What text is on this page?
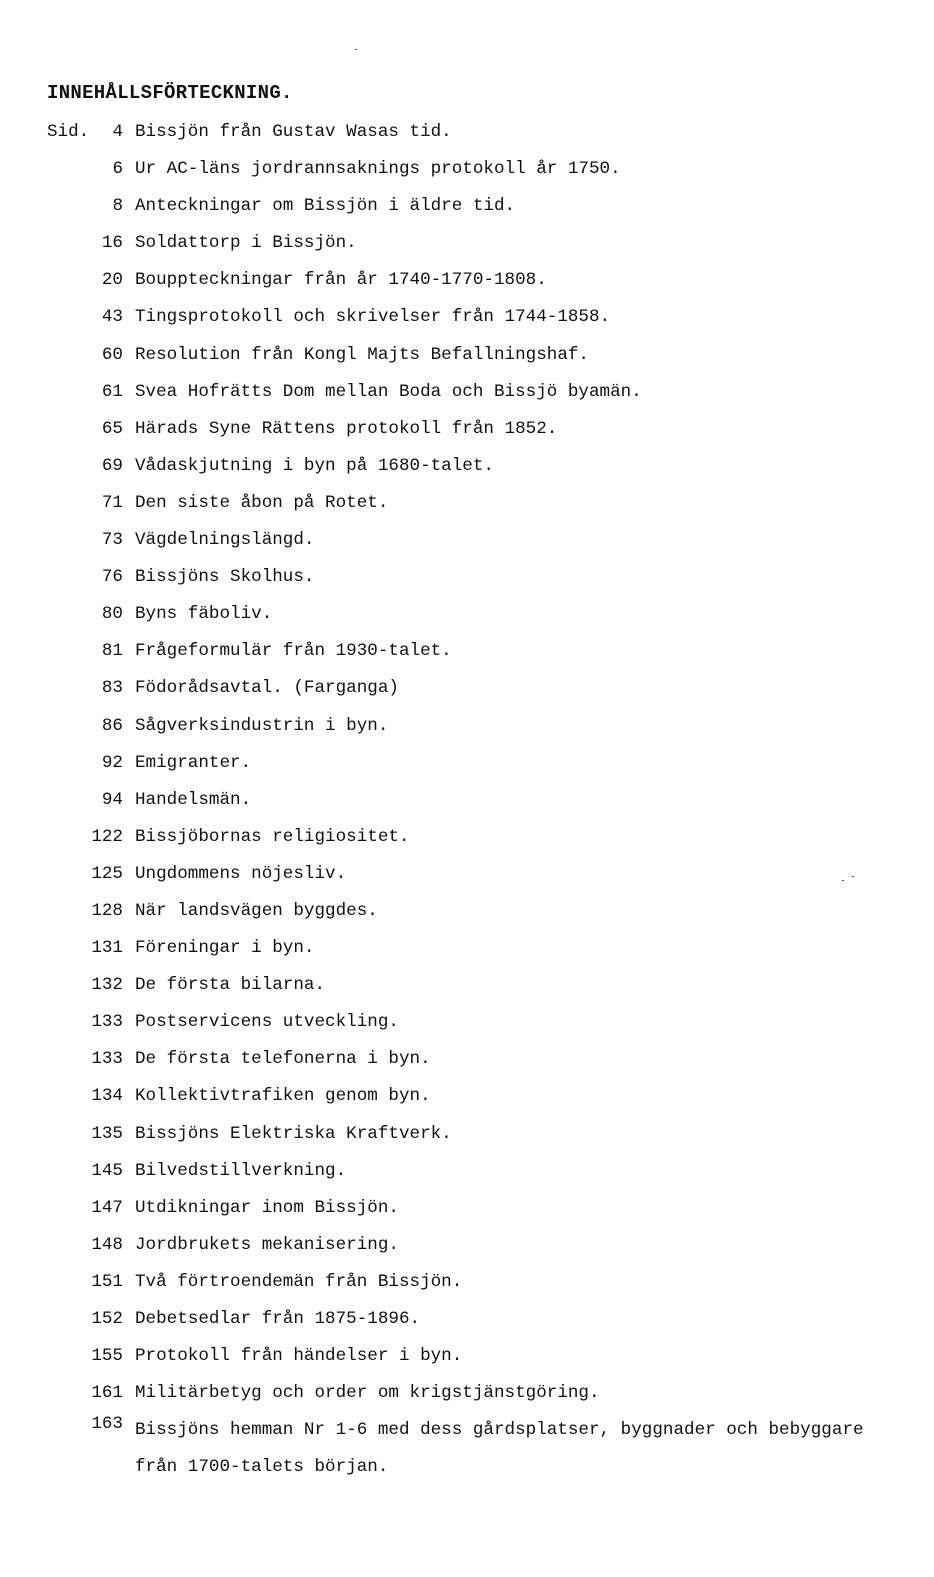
INNEHÅLLSFÖRTECKNING.
Sid.	4 Bissjön från Gustav Wasas tid.
6 Ur AC-läns jordrannsaknings protokoll år 1750.
8 Anteckningar om Bissjön i äldre tid.
16 Soldattorp i Bissjön.
20 Bouppteckningar från år 1740-1770-1808.
43 Tingsprotokoll och skrivelser från 1744-1858.
60 Resolution från Kongl Majts Befallningshaf.
61 Svea Hofrätts Dom mellan Boda och Bissjö byamän.
65 Härads Syne Rättens protokoll från 1852.
69 Vådaskjutning i byn på 1680-talet.
71 Den siste åbon på Rotet.
73 Vägdelningslängd.
76 Bissjöns Skolhus.
80 Byns fäboliv.
81 Frågeformulär från 1930-talet.
83 Födorådsavtal. (Farganga)
86 Sågverksindustrin i byn.
92 Emigranter.
94 Handelsmän.
122 Bissjöbornas religiositet.
125 Ungdommens nöjesliv.
128 När landsvägen byggdes.
131 Föreningar i byn.
132 De första bilarna.
133 Postservicens utveckling.
133 De första telefonerna i byn.
134 Kollektivtrafiken genom byn.
135 Bissjöns Elektriska Kraftverk.
145 Bilvedstillverkning.
147 Utdikningar inom Bissjön.
148 Jordbrukets mekanisering.
151 Två förtroendemän från Bissjön.
152 Debetsedlar från 1875-1896.
155 Protokoll från händelser i byn.
161 Militärbetyg och order om krigstjänstgöring.
163 Bissjöns hemman Nr 1-6 med dess gårdsplatser, byggnader och bebyggare från 1700-talets början.
